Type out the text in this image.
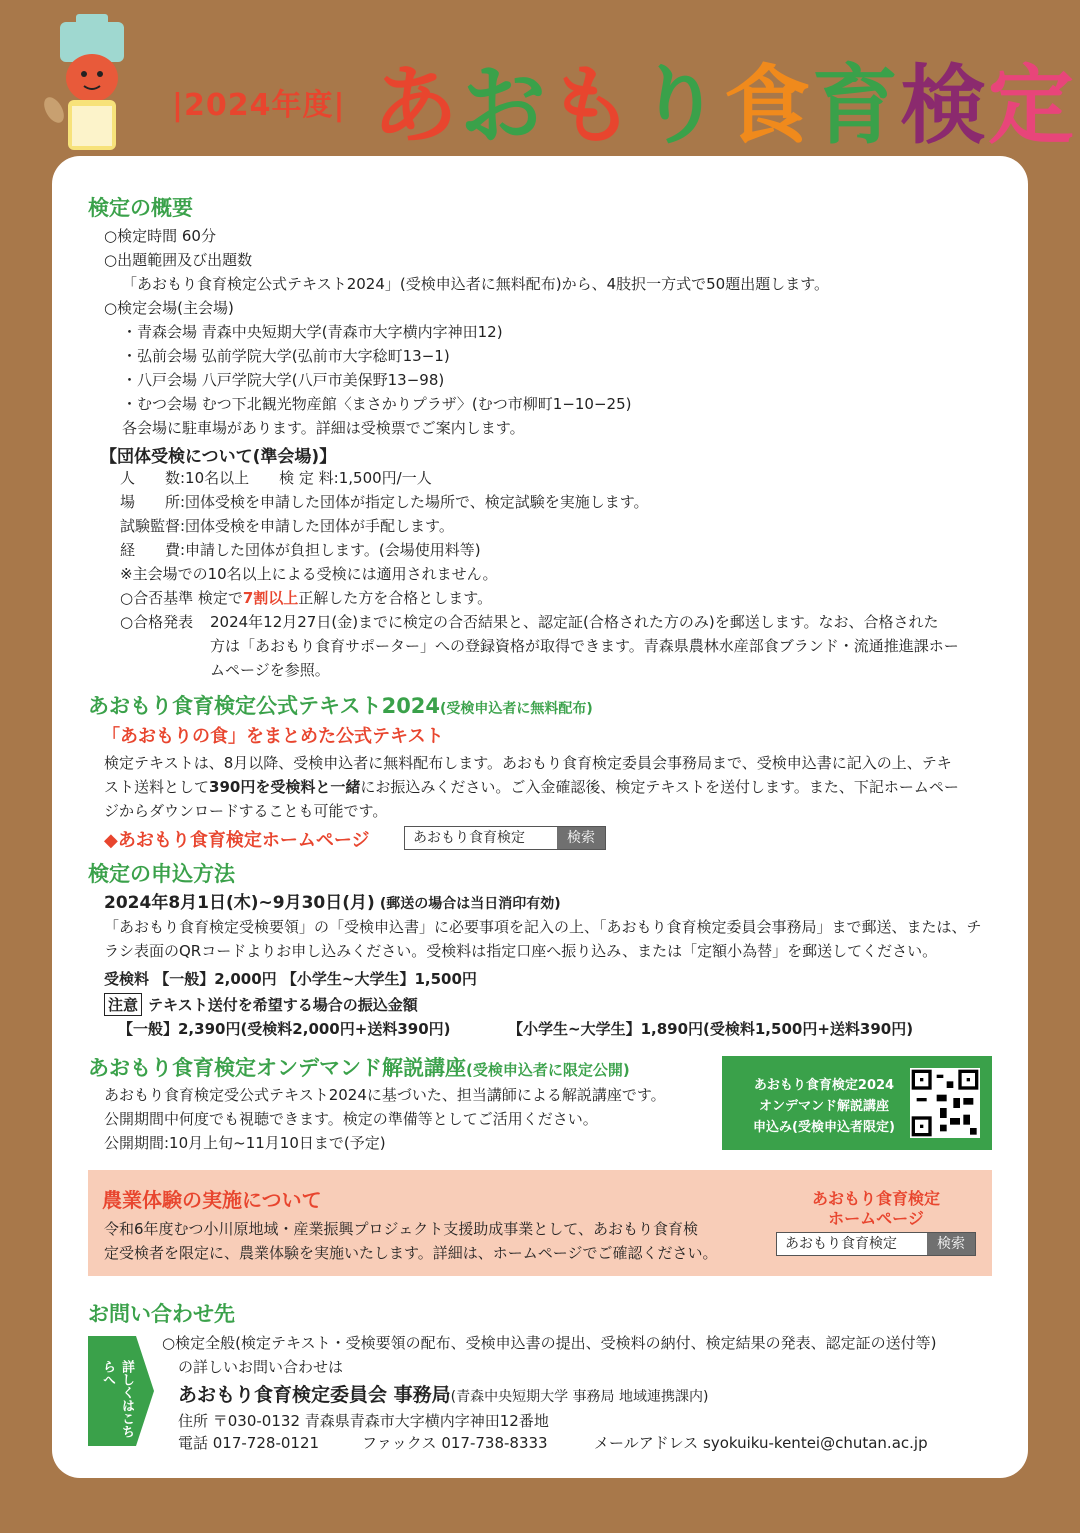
|2024年度| あおもり食育検定
検定の概要
○検定時間 60分
○出題範囲及び出題数
「あおもり食育検定公式テキスト2024」(受検申込者に無料配布)から、4肢択一方式で50題出題します。
○検定会場(主会場)
・青森会場 青森中央短期大学(青森市大字横内字神田12)
・弘前会場 弘前学院大学(弘前市大字稔町13−1)
・八戸会場 八戸学院大学(八戸市美保野13−98)
・むつ会場 むつ下北観光物産館〈まさかりプラザ〉(むつ市柳町1−10−25)
各会場に駐車場があります。詳細は受検票でご案内します。
【団体受検について(準会場)】
人　　数:10名以上　　検 定 料:1,500円/一人
場　　所:団体受検を申請した団体が指定した場所で、検定試験を実施します。
試験監督:団体受検を申請した団体が手配します。
経　　費:申請した団体が負担します。(会場使用料等)
※主会場での10名以上による受検には適用されません。
○合否基準 検定で7割以上正解した方を合格とします。
○合格発表 2024年12月27日(金)までに検定の合否結果と、認定証(合格された方のみ)を郵送します。なお、合格された
方は「あおもり食育サポーター」への登録資格が取得できます。青森県農林水産部食ブランド・流通推進課ホー
ムページを参照。
あおもり食育検定公式テキスト2024(受検申込者に無料配布)
「あおもりの食」をまとめた公式テキスト
検定テキストは、8月以降、受検申込者に無料配布します。あおもり食育検定委員会事務局まで、受検申込書に記入の上、テキ
スト送料として390円を受検料と一緒にお振込みください。ご入金確認後、検定テキストを送付します。また、下記ホームペー
ジからダウンロードすることも可能です。
◆あおもり食育検定ホームページ	あおもり食育検定	検索
検定の申込方法
2024年8月1日(木)~9月30日(月) (郵送の場合は当日消印有効)
「あおもり食育検定受検要領」の「受検申込書」に必要事項を記入の上、「あおもり食育検定委員会事務局」まで郵送、または、チ
ラシ表面のQRコードよりお申し込みください。受検料は指定口座へ振り込み、または「定額小為替」を郵送してください。
受検料 【一般】2,000円 【小学生~大学生】1,500円
注意 テキスト送付を希望する場合の振込金額
【一般】2,390円(受検料2,000円+送料390円)	【小学生~大学生】1,890円(受検料1,500円+送料390円)
あおもり食育検定オンデマンド解説講座(受検申込者に限定公開)
あおもり食育検定受公式テキスト2024に基づいた、担当講師による解説講座です。
公開期間中何度でも視聴できます。検定の準備等としてご活用ください。
公開期間:10月上旬~11月10日まで(予定)
あおもり食育検定2024
オンデマンド解説講座
申込み(受検申込者限定)
農業体験の実施について
令和6年度むつ小川原地域・産業振興プロジェクト支援助成事業として、あおもり食育検
定受検者を限定に、農業体験を実施いたします。詳細は、ホームページでご確認ください。
あおもり食育検定
ホームページ
あおもり食育検定	検索
お問い合わせ先
詳しくはこちらへ
○検定全般(検定テキスト・受検要領の配布、受検申込書の提出、受検料の納付、検定結果の発表、認定証の送付等)
の詳しいお問い合わせは
あおもり食育検定委員会 事務局(青森中央短期大学 事務局 地域連携課内)
住所 〒030-0132 青森県青森市大字横内字神田12番地
電話 017-728-0121	ファックス 017-738-8333	メールアドレス syokuiku-kentei@chutan.ac.jp
